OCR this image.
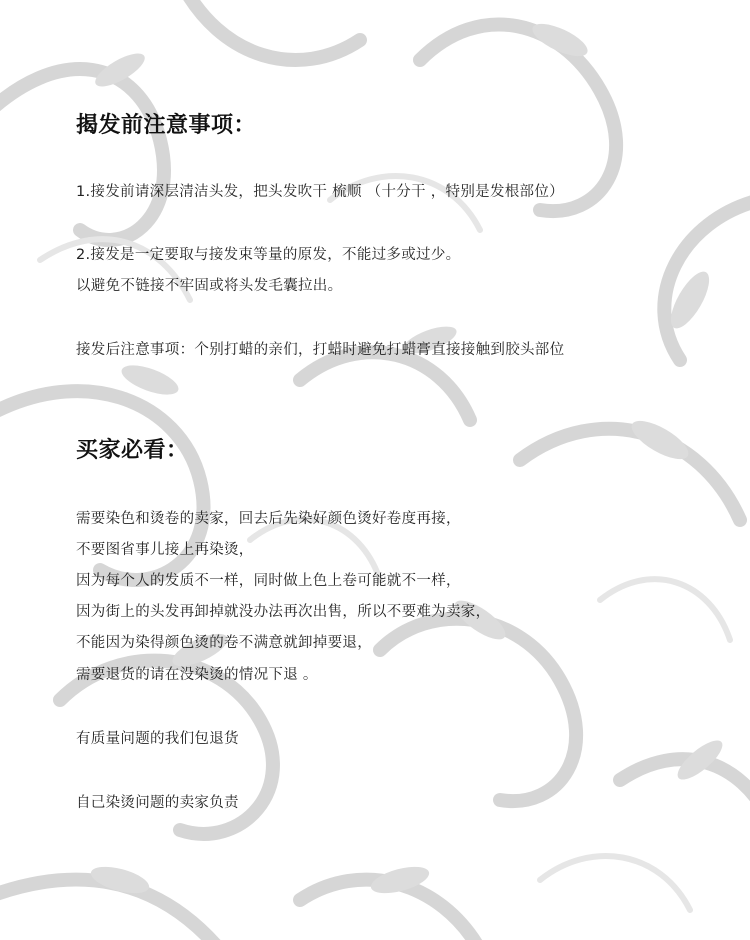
揭发前注意事项：
1.接发前请深层清洁头发，把头发吹干 梳顺 （十分干 ，特别是发根部位）
2.接发是一定要取与接发束等量的原发，不能过多或过少。
以避免不链接不牢固或将头发毛囊拉出。
接发后注意事项：个别打蜡的亲们，打蜡时避免打蜡膏直接接触到胶头部位
买家必看：
需要染色和烫卷的卖家，回去后先染好颜色烫好卷度再接，
不要图省事儿接上再染烫，
因为每个人的发质不一样，同时做上色上卷可能就不一样，
因为街上的头发再卸掉就没办法再次出售，所以不要难为卖家，
不能因为染得颜色烫的卷不满意就卸掉要退，
需要退货的请在没染烫的情况下退 。
有质量问题的我们包退货
自己染烫问题的卖家负责
